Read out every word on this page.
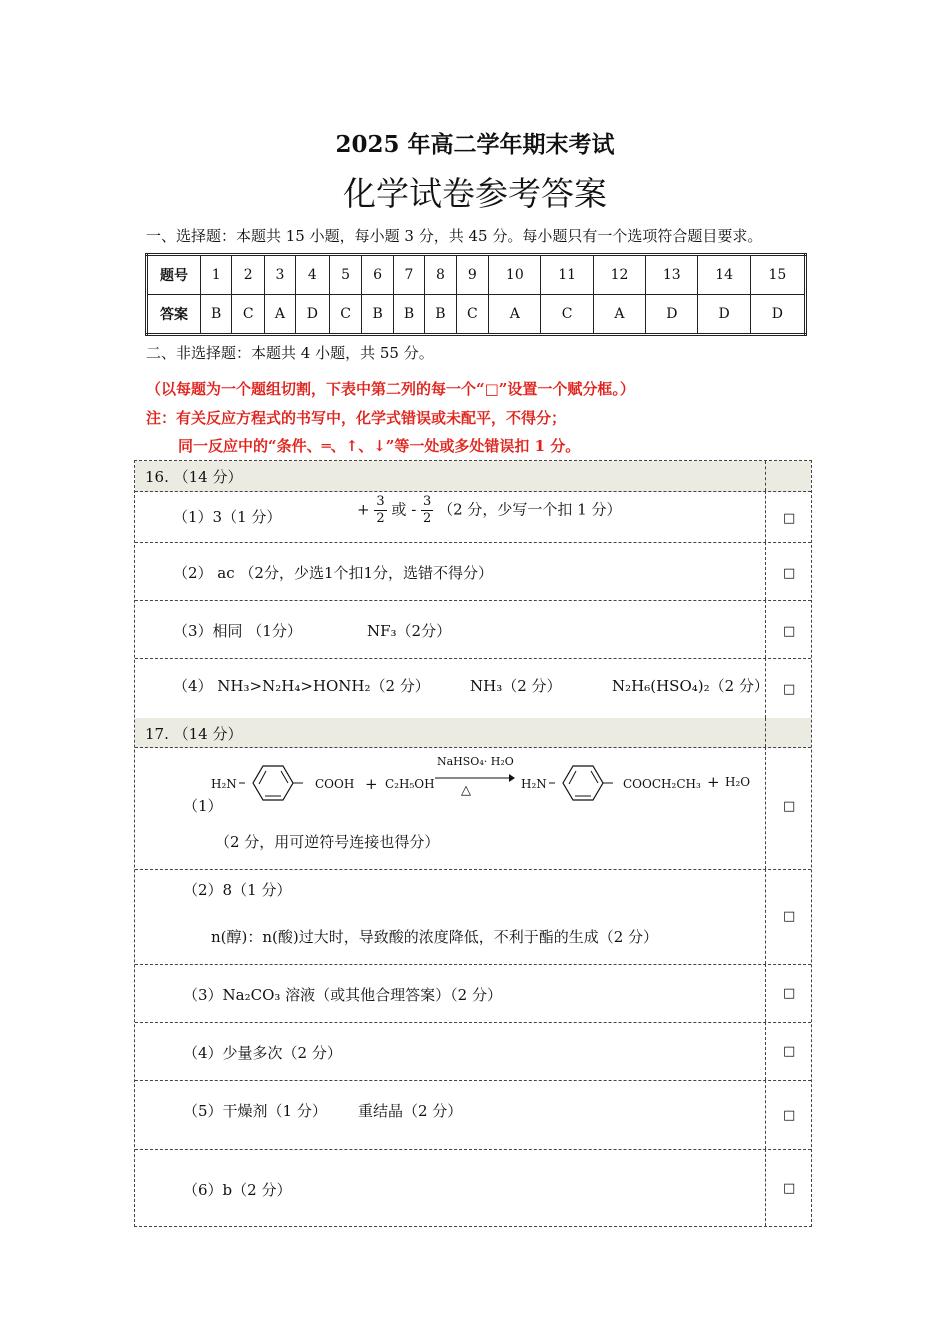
2025 年高二学年期末考试
化学试卷参考答案
一、选择题：本题共 15 小题，每小题 3 分，共 45 分。每小题只有一个选项符合题目要求。
题号	1	2	3	4	5	6	7	8	9	10	11	12	13	14	15
答案	B	C	A	D	C	B	B	B	C	A	C	A	D	D	D
二、非选择题：本题共 4 小题，共 55 分。
（以每题为一个题组切割，下表中第二列的每一个“□”设置一个赋分框。）
注：有关反应方程式的书写中，化学式错误或未配平，不得分；
同一反应中的“条件、═、↑、↓”等一处或多处错误扣 1 分。
16. （14 分）
（1）3（1 分）	+ $\frac{3}{2}$ 或 - $\frac{3}{2} (2$ 分，少写一个扣 1 分）	□
（2） ac （2分，少选1个扣1分，选错不得分）	□
（3）相同 （1分）	NF₃（2分）	□
（4） NH₃>N₂H₄>HONH₂（2 分）	NH₃（2 分）	N₂H₆(HSO₄)₂（2 分） □
17. （14 分）
（1）
H₂N	COOH + C₂H₅OH
NaHSO₄· H₂O
△	H₂N	COOCH₂CH₃ + H₂O
（2 分，用可逆符号连接也得分）
□
（2）8（1 分）
n(醇)：n(酸)过大时，导致酸的浓度降低，不利于酯的生成（2 分）
□
（3）Na₂CO₃ 溶液（或其他合理答案）（2 分）	□
（4）少量多次（2 分）	□
（5）干燥剂（1 分） 重结晶（2 分）	□
（6）b（2 分）	□
